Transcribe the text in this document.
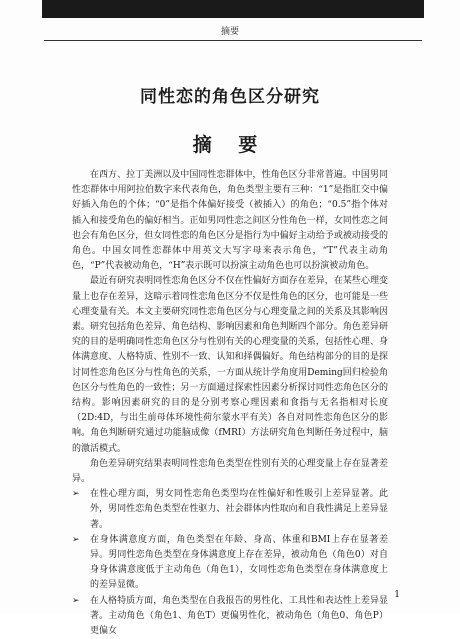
摘要
同性恋的角色区分研究
摘 要

在西方、拉丁美洲以及中国同性恋群体中，性角色区分非常普遍。中国男同性恋群体中用阿拉伯数字来代表角色，角色类型主要有三种：“1”是指肛交中偏好插入角色的个体；“0”是指个体偏好接受（被插入）的角色；“0.5”指个体对插入和接受角色的偏好相当。正如男同性恋之间区分性角色一样，女同性恋之间也会有角色区分，但女同性恋的角色区分是指行为中偏好主动给予或被动接受的角色。中国女同性恋群体中用英文大写字母来表示角色，“T”代表主动角色，“P”代表被动角色，“H”表示既可以扮演主动角色也可以扮演被动角色。

最近有研究表明同性恋角色区分不仅在性偏好方面存在差异，在某些心理变量上也存在差异，这暗示着同性恋角色区分不仅是性角色的区分，也可能是一些心理变量有关。本文主要研究同性恋角色区分与心理变量之间的关系及其影响因素。研究包括角色差异、角色结构、影响因素和角色判断四个部分。角色差异研究的目的是明确同性恋角色区分与性别有关的心理变量的关系，包括性心理、身体满意度、人格特质、性别不一致、认知和择偶偏好。角色结构部分的目的是探讨同性恋角色区分与性角色的关系，一方面从统计学角度用Deming回归检验角色区分与性角色的一致性；另一方面通过探索性因素分析探讨同性恋角色区分的结构。影响因素研究的目的是分别考察心理因素和食指与无名指相对长度（2D:4D，与出生前母体环境性荷尔蒙水平有关）各自对同性恋角色区分的影响。角色判断研究通过功能脑成像（fMRI）方法研究角色判断任务过程中，脑的激活模式。

角色差异研究结果表明同性恋角色类型在性别有关的心理变量上存在显著差异。

➢ 在性心理方面，男女同性恋角色类型均在性偏好和性吸引上差异显著。此外，男同性恋角色类型在性驱力、社会群体内性取向和自我性满足上差异显著。
➢ 在身体满意度方面，角色类型在年龄、身高、体重和BMI上存在显著差异。男同性恋角色类型在身体满意度上存在差异，被动角色（角色0）对自身身体满意度低于主动角色（角色1），女同性恋角色类型在身体满意度上的差异显微。
➢ 在人格特质方面，角色类型在自我报告的男性化、工具性和表达性上差异显著。主动角色（角色1、角色T）更偏男性化，被动角色（角色0、角色P）更偏女
1
